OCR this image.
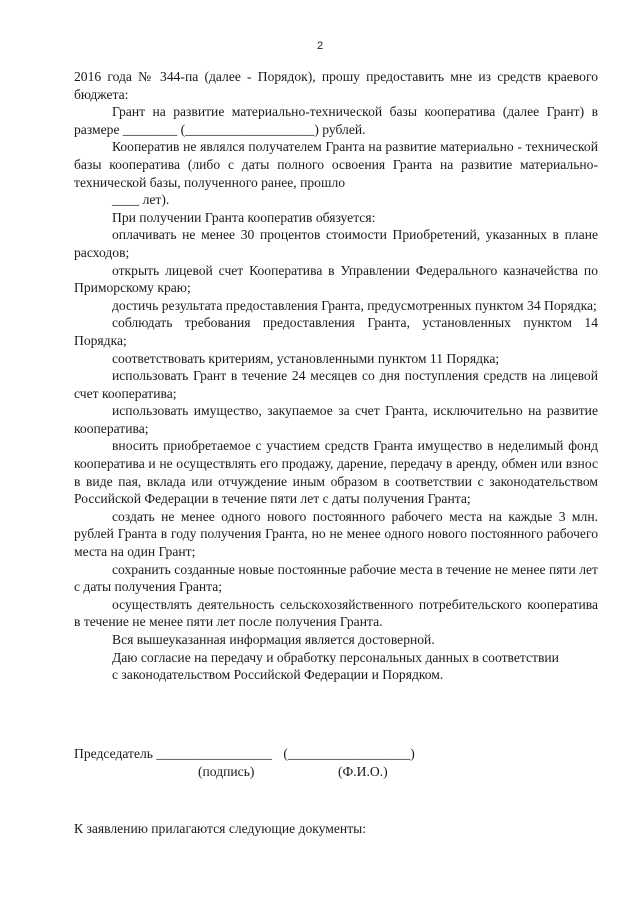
2

2016 года № 344-па (далее - Порядок), прошу предоставить мне из средств краевого бюджета:

Грант на развитие материально-технической базы кооператива (далее Грант) в размере ________ (___________________) рублей.

Кооператив не являлся получателем Гранта на развитие материально - технической базы кооператива (либо с даты полного освоения Гранта на развитие материально-технической базы, полученного ранее, прошло

____ лет).

При получении Гранта кооператив обязуется:

оплачивать не менее 30 процентов стоимости Приобретений, указанных в плане расходов;

открыть лицевой счет Кооператива в Управлении Федерального казначейства по Приморскому краю;

достичь результата предоставления Гранта, предусмотренных пунктом 34 Порядка;

соблюдать требования предоставления Гранта, установленных пунктом 14 Порядка;

соответствовать критериям, установленными пунктом 11 Порядка;

использовать Грант в течение 24 месяцев со дня поступления средств на лицевой счет кооператива;

использовать имущество, закупаемое за счет Гранта, исключительно на развитие кооператива;

вносить приобретаемое с участием средств Гранта имущество в неделимый фонд кооператива и не осуществлять его продажу, дарение, передачу в аренду, обмен или взнос в виде пая, вклада или отчуждение иным образом в соответствии с законодательством Российской Федерации в течение пяти лет с даты получения Гранта;

создать не менее одного нового постоянного рабочего места на каждые 3 млн. рублей Гранта в году получения Гранта, но не менее одного нового постоянного рабочего места на один Грант;

сохранить созданные новые постоянные рабочие места в течение не менее пяти лет с даты получения Гранта;

осуществлять деятельность сельскохозяйственного потребительского кооператива в течение не менее пяти лет после получения Гранта.

Вся вышеуказанная информация является достоверной.

Даю согласие на передачу и обработку персональных данных в соответствии

с законодательством Российской Федерации и Порядком.

Председатель _________________ (__________________)
(подпись)	(Ф.И.О.)
К заявлению прилагаются следующие документы:
